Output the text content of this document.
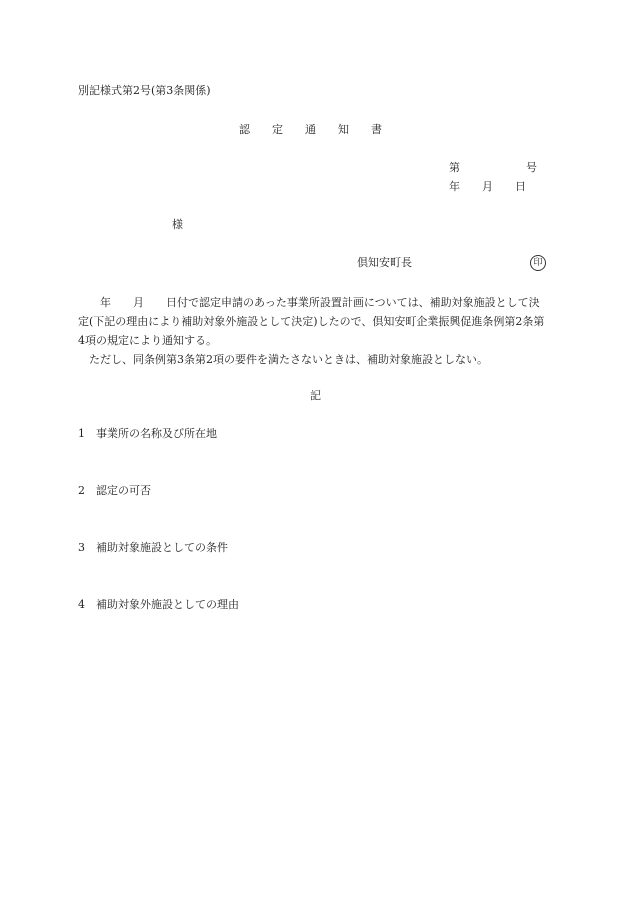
別記様式第2号(第3条関係)
認　　定　　通　　知　　書
第　　　　　　号
年　　月　　日
様
倶知安町長	印
　　年　　月　　日付で認定申請のあった事業所設置計画については、補助対象施設として決定(下記の理由により補助対象外施設として決定)したので、倶知安町企業振興促進条例第2条第4項の規定により通知する。
　ただし、同条例第3条第2項の要件を満たさないときは、補助対象施設としない。
記
1　事業所の名称及び所在地
2　認定の可否
3　補助対象施設としての条件
4　補助対象外施設としての理由
